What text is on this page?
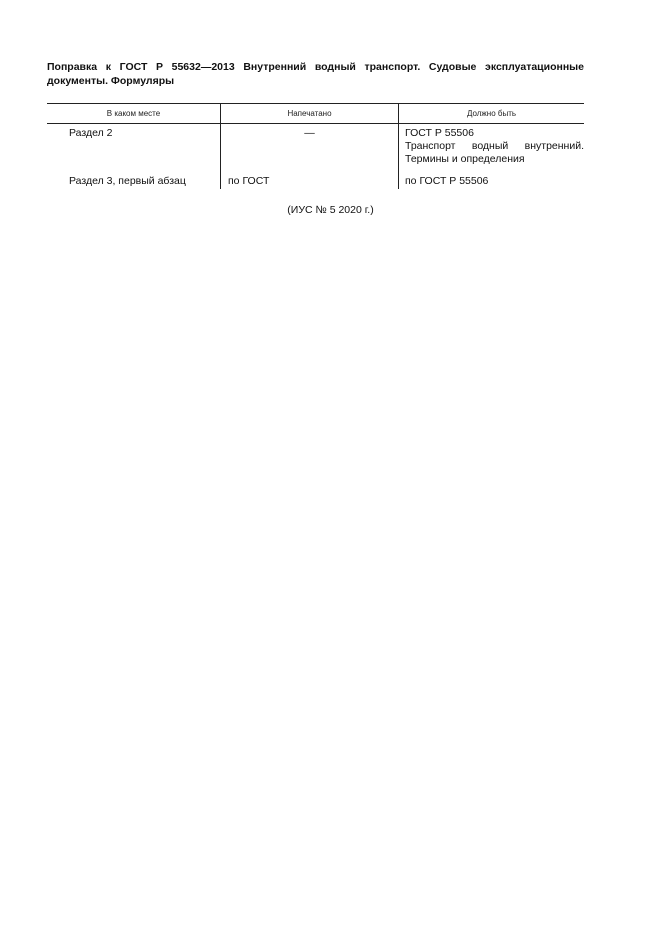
Поправка к ГОСТ Р 55632—2013 Внутренний водный транспорт. Судовые эксплуатационные документы. Формуляры
В каком месте	Напечатано	Должно быть
Раздел 2	—	ГОСТ Р 55506
Транспорт водный внутренний.
Термины и определения
Раздел 3, первый абзац	по ГОСТ	по ГОСТ Р 55506
(ИУС № 5 2020 г.)
